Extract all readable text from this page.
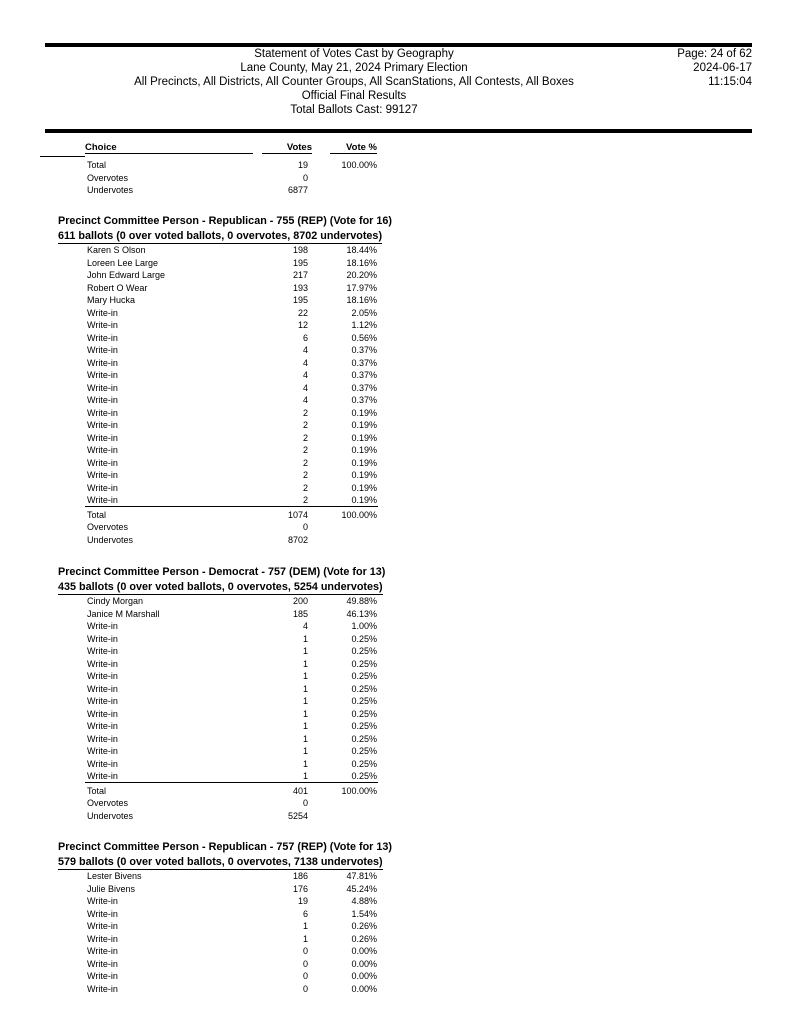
Statement of Votes Cast by Geography
Lane County, May 21, 2024 Primary Election
All Precincts, All Districts, All Counter Groups, All ScanStations, All Contests, All Boxes
Official Final Results
Total Ballots Cast: 99127
Page: 24 of 62
2024-06-17
11:15:04
Choice	Votes	Vote %
Total	19	100.00%
Overvotes	0
Undervotes	6877
Precinct Committee Person - Republican - 755 (REP) (Vote for 16)
611 ballots (0 over voted ballots, 0 overvotes, 8702 undervotes)
Karen S Olson	198	18.44%
Loreen Lee Large	195	18.16%
John Edward Large	217	20.20%
Robert O Wear	193	17.97%
Mary Hucka	195	18.16%
Write-in	22	2.05%
Write-in	12	1.12%
Write-in	6	0.56%
Write-in	4	0.37%
Write-in	4	0.37%
Write-in	4	0.37%
Write-in	4	0.37%
Write-in	4	0.37%
Write-in	2	0.19%
Write-in	2	0.19%
Write-in	2	0.19%
Write-in	2	0.19%
Write-in	2	0.19%
Write-in	2	0.19%
Write-in	2	0.19%
Write-in	2	0.19%
Total	1074	100.00%
Overvotes	0
Undervotes	8702
Precinct Committee Person - Democrat - 757 (DEM) (Vote for 13)
435 ballots (0 over voted ballots, 0 overvotes, 5254 undervotes)
Cindy Morgan	200	49.88%
Janice M Marshall	185	46.13%
Write-in	4	1.00%
Write-in	1	0.25%
Write-in	1	0.25%
Write-in	1	0.25%
Write-in	1	0.25%
Write-in	1	0.25%
Write-in	1	0.25%
Write-in	1	0.25%
Write-in	1	0.25%
Write-in	1	0.25%
Write-in	1	0.25%
Write-in	1	0.25%
Write-in	1	0.25%
Total	401	100.00%
Overvotes	0
Undervotes	5254
Precinct Committee Person - Republican - 757 (REP) (Vote for 13)
579 ballots (0 over voted ballots, 0 overvotes, 7138 undervotes)
Lester Bivens	186	47.81%
Julie Bivens	176	45.24%
Write-in	19	4.88%
Write-in	6	1.54%
Write-in	1	0.26%
Write-in	1	0.26%
Write-in	0	0.00%
Write-in	0	0.00%
Write-in	0	0.00%
Write-in	0	0.00%
